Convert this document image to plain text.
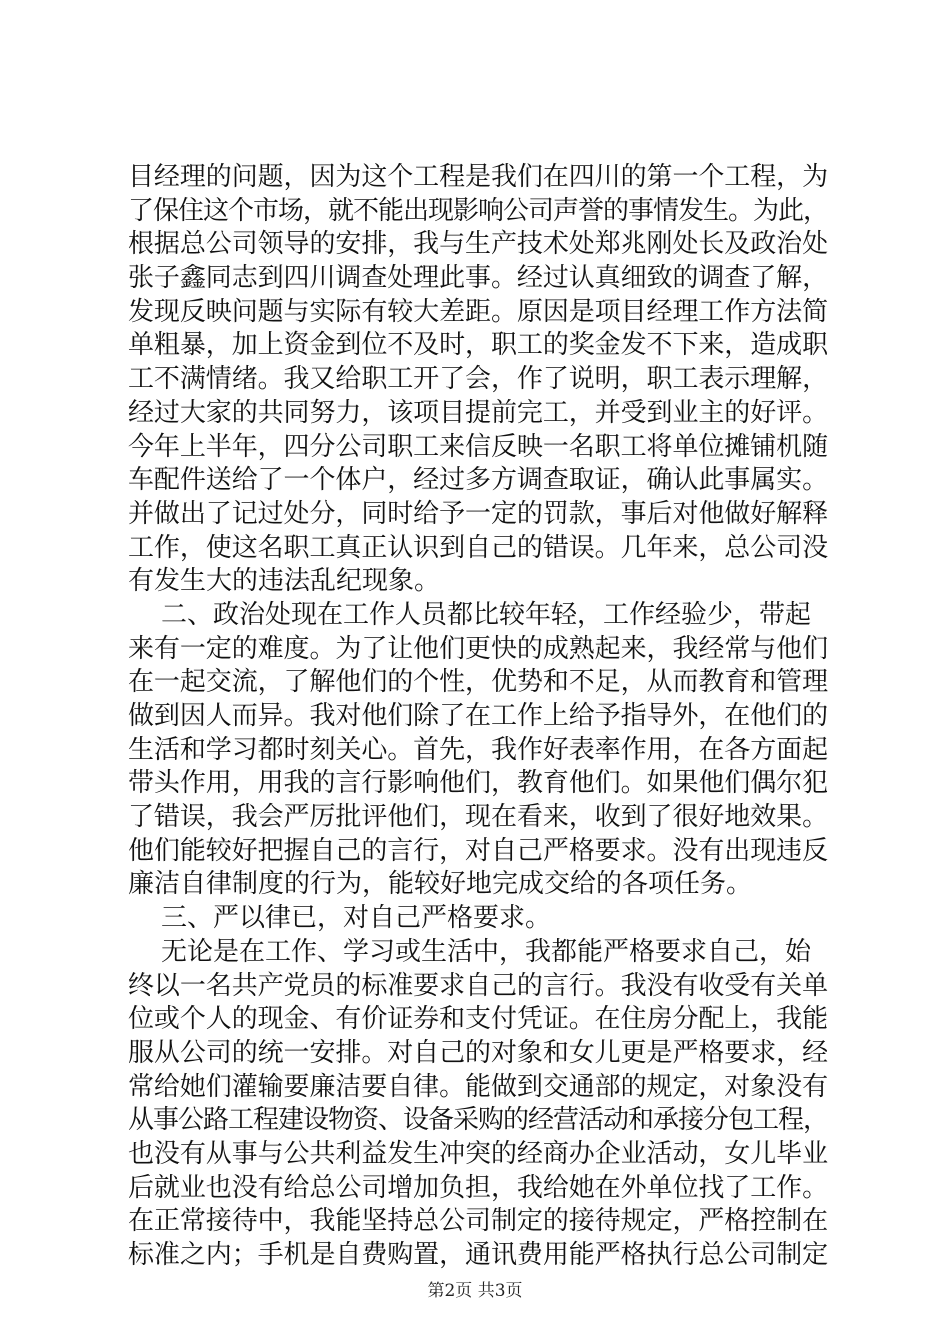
目经理的问题，因为这个工程是我们在四川的第一个工程，为
了保住这个市场，就不能出现影响公司声誉的事情发生。为此，
根据总公司领导的安排，我与生产技术处郑兆刚处长及政治处
张子鑫同志到四川调查处理此事。经过认真细致的调查了解，
发现反映问题与实际有较大差距。原因是项目经理工作方法简
单粗暴，加上资金到位不及时，职工的奖金发不下来，造成职
工不满情绪。我又给职工开了会，作了说明，职工表示理解，
经过大家的共同努力，该项目提前完工，并受到业主的好评。
今年上半年，四分公司职工来信反映一名职工将单位摊铺机随
车配件送给了一个体户，经过多方调查取证，确认此事属实。
并做出了记过处分，同时给予一定的罚款，事后对他做好解释
工作，使这名职工真正认识到自己的错误。几年来，总公司没
有发生大的违法乱纪现象。
二、政治处现在工作人员都比较年轻，工作经验少，带起
来有一定的难度。为了让他们更快的成熟起来，我经常与他们
在一起交流，了解他们的个性，优势和不足，从而教育和管理
做到因人而异。我对他们除了在工作上给予指导外，在他们的
生活和学习都时刻关心。首先，我作好表率作用，在各方面起
带头作用，用我的言行影响他们，教育他们。如果他们偶尔犯
了错误，我会严厉批评他们，现在看来，收到了很好地效果。
他们能较好把握自己的言行，对自己严格要求。没有出现违反
廉洁自律制度的行为，能较好地完成交给的各项任务。
三、严以律已，对自己严格要求。
无论是在工作、学习或生活中，我都能严格要求自己，始
终以一名共产党员的标准要求自己的言行。我没有收受有关单
位或个人的现金、有价证券和支付凭证。在住房分配上，我能
服从公司的统一安排。对自己的对象和女儿更是严格要求，经
常给她们灌输要廉洁要自律。能做到交通部的规定，对象没有
从事公路工程建设物资、设备采购的经营活动和承接分包工程，
也没有从事与公共利益发生冲突的经商办企业活动，女儿毕业
后就业也没有给总公司增加负担，我给她在外单位找了工作。
在正常接待中，我能坚持总公司制定的接待规定，严格控制在
标准之内；手机是自费购置，通讯费用能严格执行总公司制定
第2页 共3页
